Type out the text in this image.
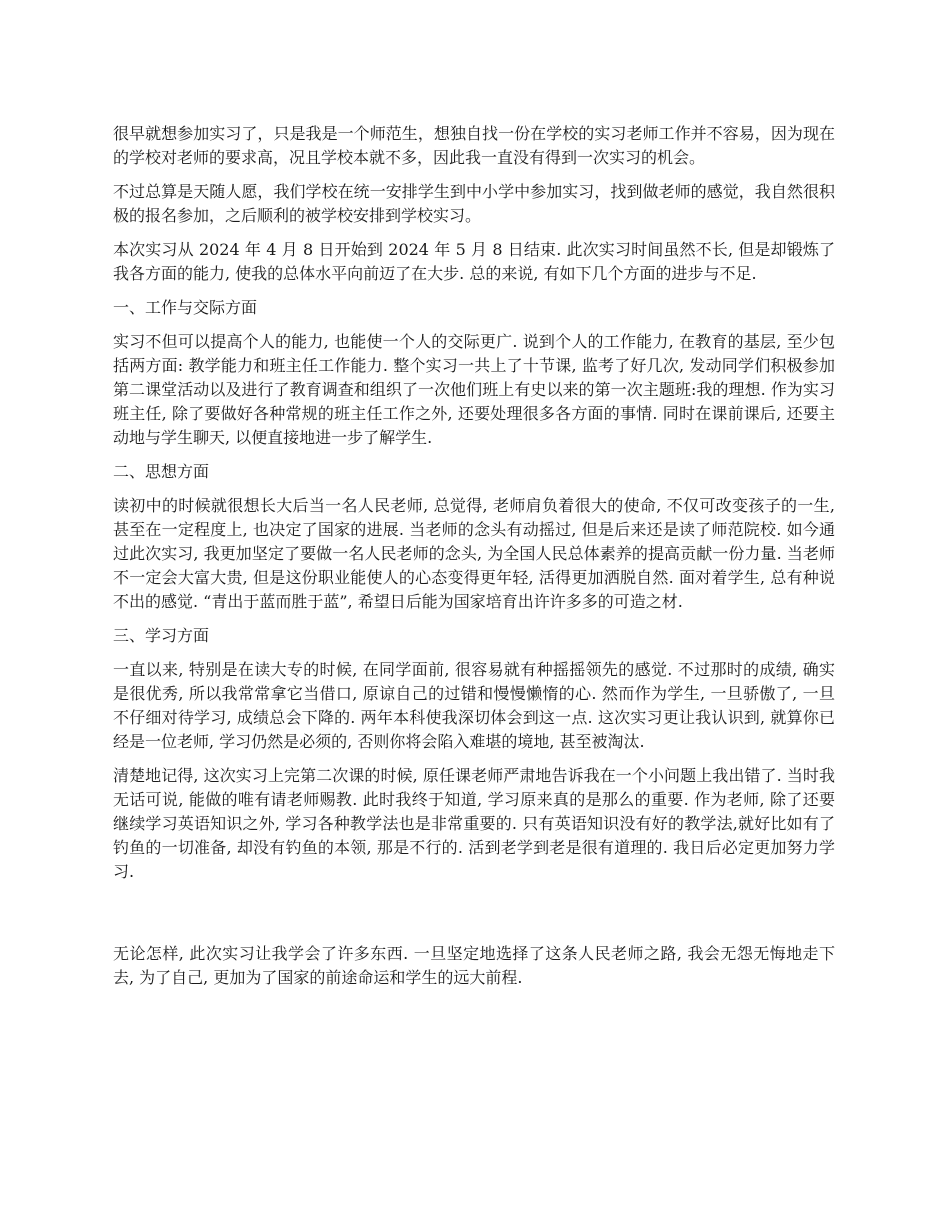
很早就想参加实习了，只是我是一个师范生，想独自找一份在学校的实习老师工作并不容易，因为现在的学校对老师的要求高，况且学校本就不多，因此我一直没有得到一次实习的机会。

不过总算是天随人愿，我们学校在统一安排学生到中小学中参加实习，找到做老师的感觉，我自然很积极的报名参加，之后顺利的被学校安排到学校实习。

本次实习从 2024 年 4 月 8 日开始到 2024 年 5 月 8 日结束. 此次实习时间虽然不长, 但是却锻炼了我各方面的能力, 使我的总体水平向前迈了在大步. 总的来说, 有如下几个方面的进步与不足.

一、工作与交际方面

实习不但可以提高个人的能力, 也能使一个人的交际更广. 说到个人的工作能力, 在教育的基层, 至少包括两方面: 教学能力和班主任工作能力. 整个实习一共上了十节课, 监考了好几次, 发动同学们积极参加第二课堂活动以及进行了教育调查和组织了一次他们班上有史以来的第一次主题班:我的理想. 作为实习班主任, 除了要做好各种常规的班主任工作之外, 还要处理很多各方面的事情. 同时在课前课后, 还要主动地与学生聊天, 以便直接地进一步了解学生.

二、思想方面

读初中的时候就很想长大后当一名人民老师, 总觉得, 老师肩负着很大的使命, 不仅可改变孩子的一生, 甚至在一定程度上, 也决定了国家的进展. 当老师的念头有动摇过, 但是后来还是读了师范院校. 如今通过此次实习, 我更加坚定了要做一名人民老师的念头, 为全国人民总体素养的提高贡献一份力量. 当老师不一定会大富大贵, 但是这份职业能使人的心态变得更年轻, 活得更加洒脱自然. 面对着学生, 总有种说不出的感觉. “青出于蓝而胜于蓝”, 希望日后能为国家培育出许许多多的可造之材.

三、学习方面

一直以来, 特别是在读大专的时候, 在同学面前, 很容易就有种摇摇领先的感觉. 不过那时的成绩, 确实是很优秀, 所以我常常拿它当借口, 原谅自己的过错和慢慢懒惰的心. 然而作为学生, 一旦骄傲了, 一旦不仔细对待学习, 成绩总会下降的. 两年本科使我深切体会到这一点. 这次实习更让我认识到, 就算你已经是一位老师, 学习仍然是必须的, 否则你将会陷入难堪的境地, 甚至被淘汰.

清楚地记得, 这次实习上完第二次课的时候, 原任课老师严肃地告诉我在一个小问题上我出错了. 当时我无话可说, 能做的唯有请老师赐教. 此时我终于知道, 学习原来真的是那么的重要. 作为老师, 除了还要继续学习英语知识之外, 学习各种教学法也是非常重要的. 只有英语知识没有好的教学法,就好比如有了钓鱼的一切准备, 却没有钓鱼的本领, 那是不行的. 活到老学到老是很有道理的. 我日后必定更加努力学习.

无论怎样, 此次实习让我学会了许多东西. 一旦坚定地选择了这条人民老师之路, 我会无怨无悔地走下去, 为了自己, 更加为了国家的前途命运和学生的远大前程.
